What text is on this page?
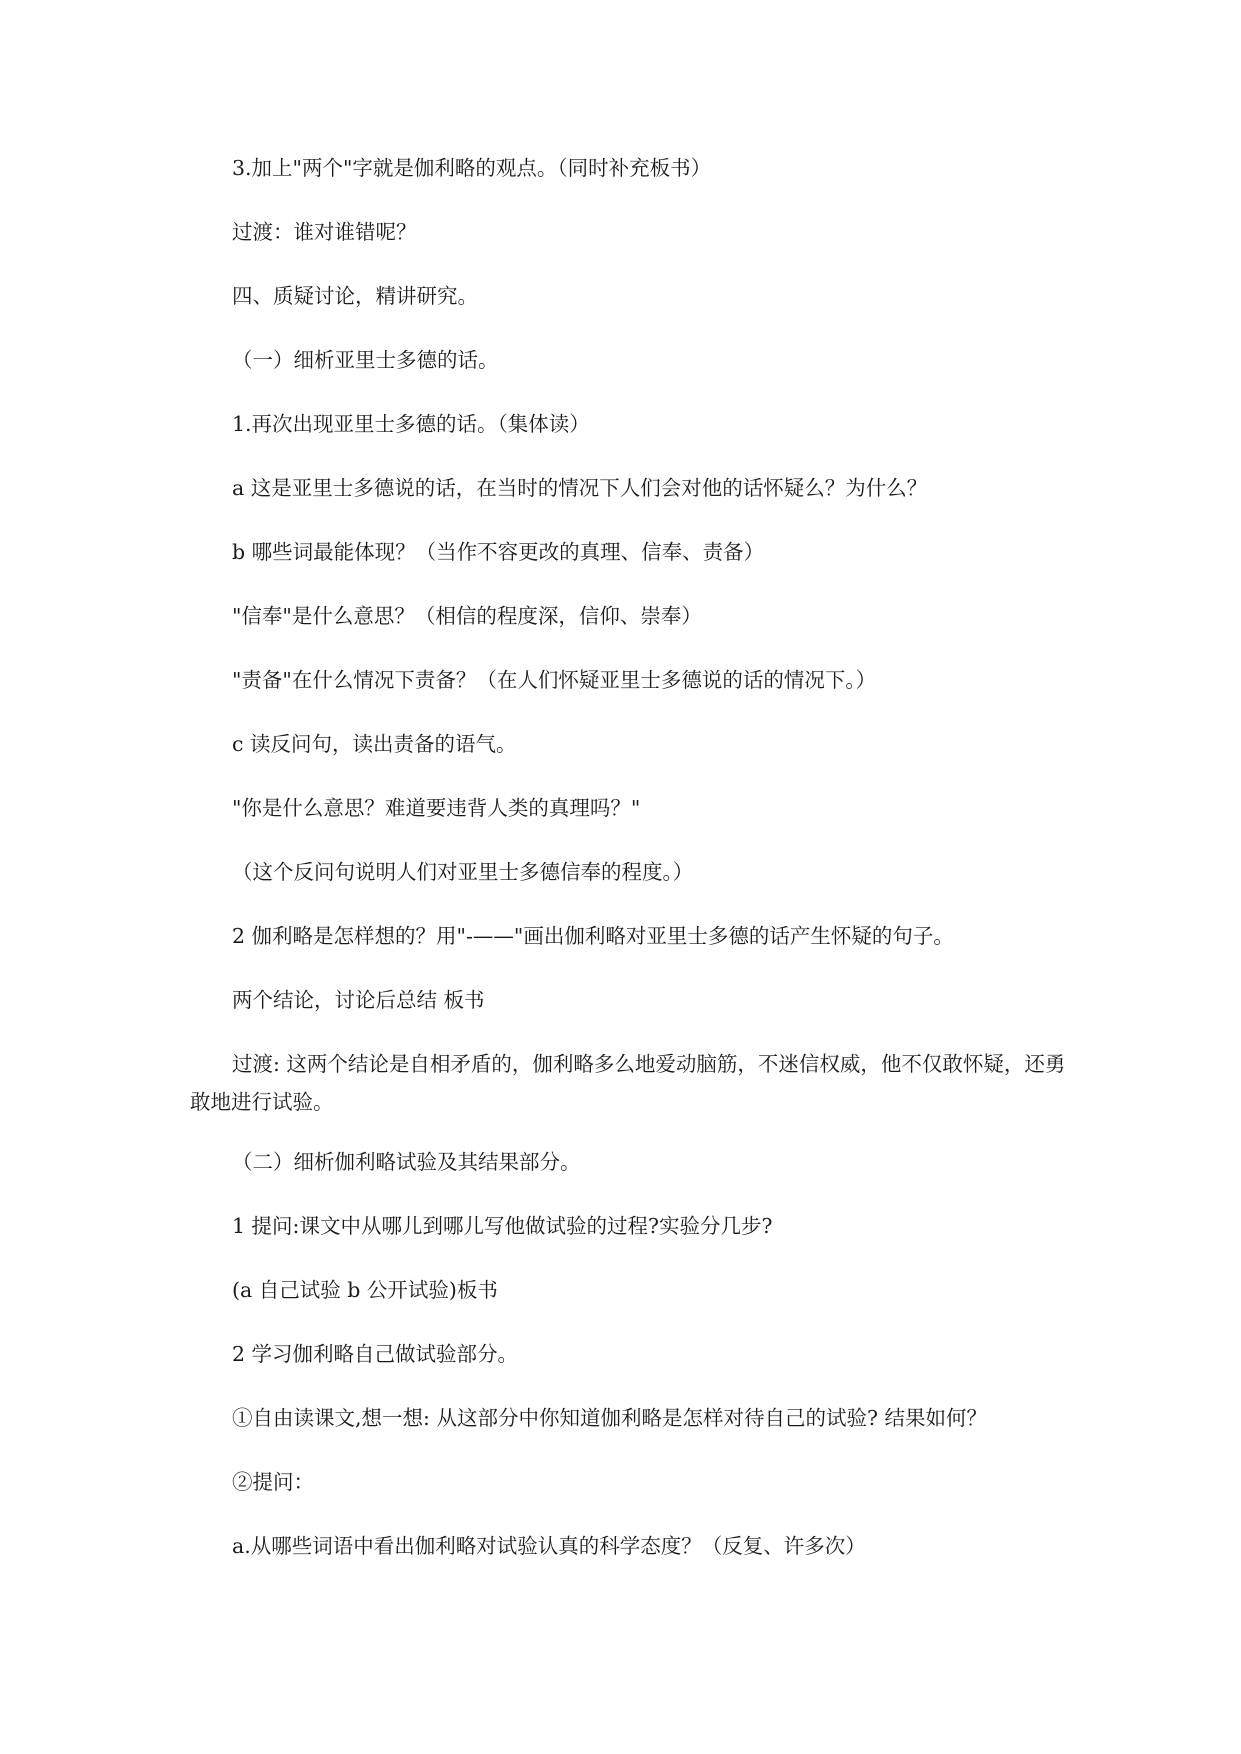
3.加上"两个"字就是伽利略的观点。（同时补充板书）

过渡：谁对谁错呢？

四、质疑讨论，精讲研究。

（一）细析亚里士多德的话。

1.再次出现亚里士多德的话。（集体读）

a 这是亚里士多德说的话，在当时的情况下人们会对他的话怀疑么？为什么？

b 哪些词最能体现？（当作不容更改的真理、信奉、责备）

"信奉"是什么意思？（相信的程度深，信仰、崇奉）

"责备"在什么情况下责备？（在人们怀疑亚里士多德说的话的情况下。）

c 读反问句，读出责备的语气。

"你是什么意思？难道要违背人类的真理吗？"

（这个反问句说明人们对亚里士多德信奉的程度。）

2 伽利略是怎样想的？用"-——"画出伽利略对亚里士多德的话产生怀疑的句子。

两个结论，讨论后总结 板书

过渡: 这两个结论是自相矛盾的，伽利略多么地爱动脑筋，不迷信权威，他不仅敢怀疑，还勇敢地进行试验。

（二）细析伽利略试验及其结果部分。

1 提问:课文中从哪儿到哪儿写他做试验的过程?实验分几步?

(a 自己试验 b 公开试验)板书

2 学习伽利略自己做试验部分。

①自由读课文,想一想: 从这部分中你知道伽利略是怎样对待自己的试验? 结果如何？

②提问：

a.从哪些词语中看出伽利略对试验认真的科学态度？（反复、许多次）
